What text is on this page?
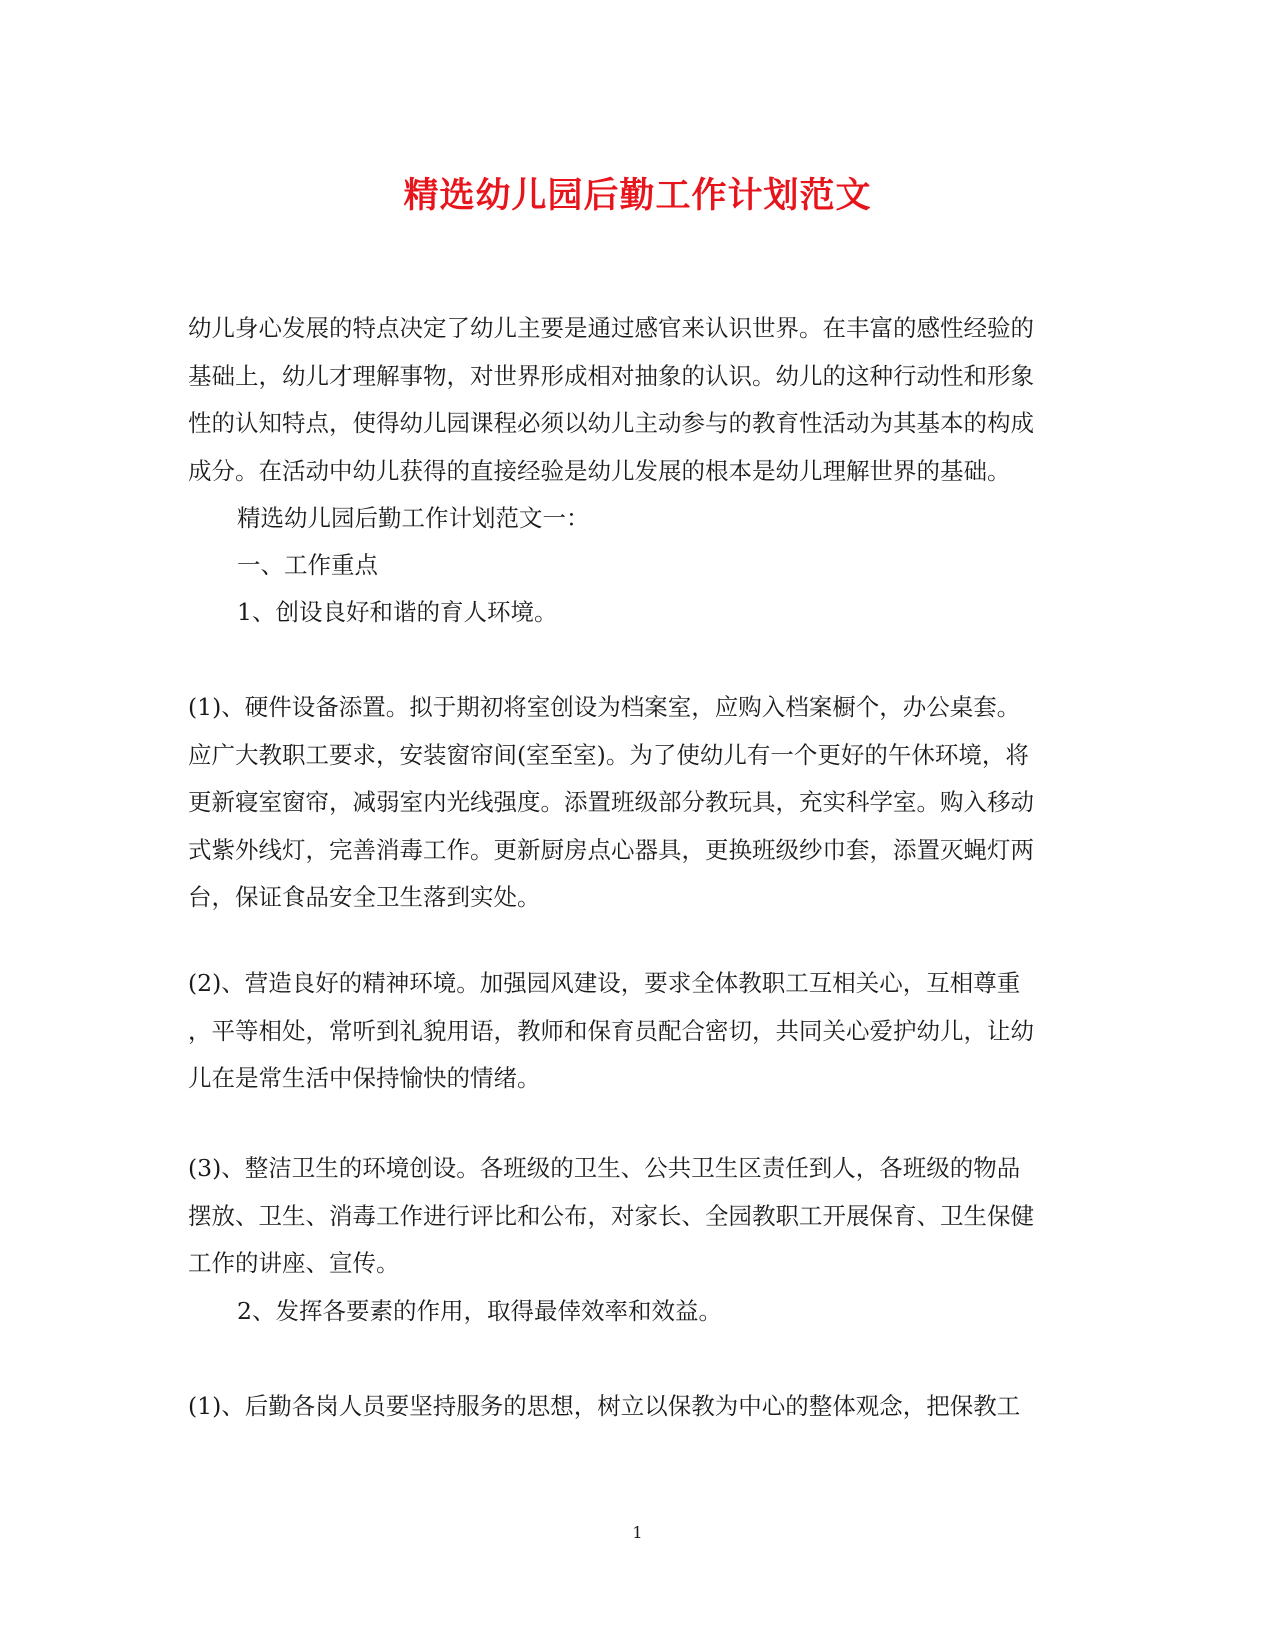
精选幼儿园后勤工作计划范文
幼儿身心发展的特点决定了幼儿主要是通过感官来认识世界。在丰富的感性经验的
基础上，幼儿才理解事物，对世界形成相对抽象的认识。幼儿的这种行动性和形象
性的认知特点，使得幼儿园课程必须以幼儿主动参与的教育性活动为其基本的构成
成分。在活动中幼儿获得的直接经验是幼儿发展的根本是幼儿理解世界的基础。
精选幼儿园后勤工作计划范文一：
一、工作重点
1、创设良好和谐的育人环境。
(1)、硬件设备添置。拟于期初将室创设为档案室，应购入档案橱个，办公桌套。
应广大教职工要求，安装窗帘间(室至室)。为了使幼儿有一个更好的午休环境，将
更新寝室窗帘，减弱室内光线强度。添置班级部分教玩具，充实科学室。购入移动
式紫外线灯，完善消毒工作。更新厨房点心器具，更换班级纱巾套，添置灭蝇灯两
台，保证食品安全卫生落到实处。
(2)、营造良好的精神环境。加强园风建设，要求全体教职工互相关心，互相尊重
，平等相处，常听到礼貌用语，教师和保育员配合密切，共同关心爱护幼儿，让幼
儿在是常生活中保持愉快的情绪。
(3)、整洁卫生的环境创设。各班级的卫生、公共卫生区责任到人，各班级的物品
摆放、卫生、消毒工作进行评比和公布，对家长、全园教职工开展保育、卫生保健
工作的讲座、宣传。
2、发挥各要素的作用，取得最倖效率和效益。
(1)、后勤各岗人员要坚持服务的思想，树立以保教为中心的整体观念，把保教工
1
